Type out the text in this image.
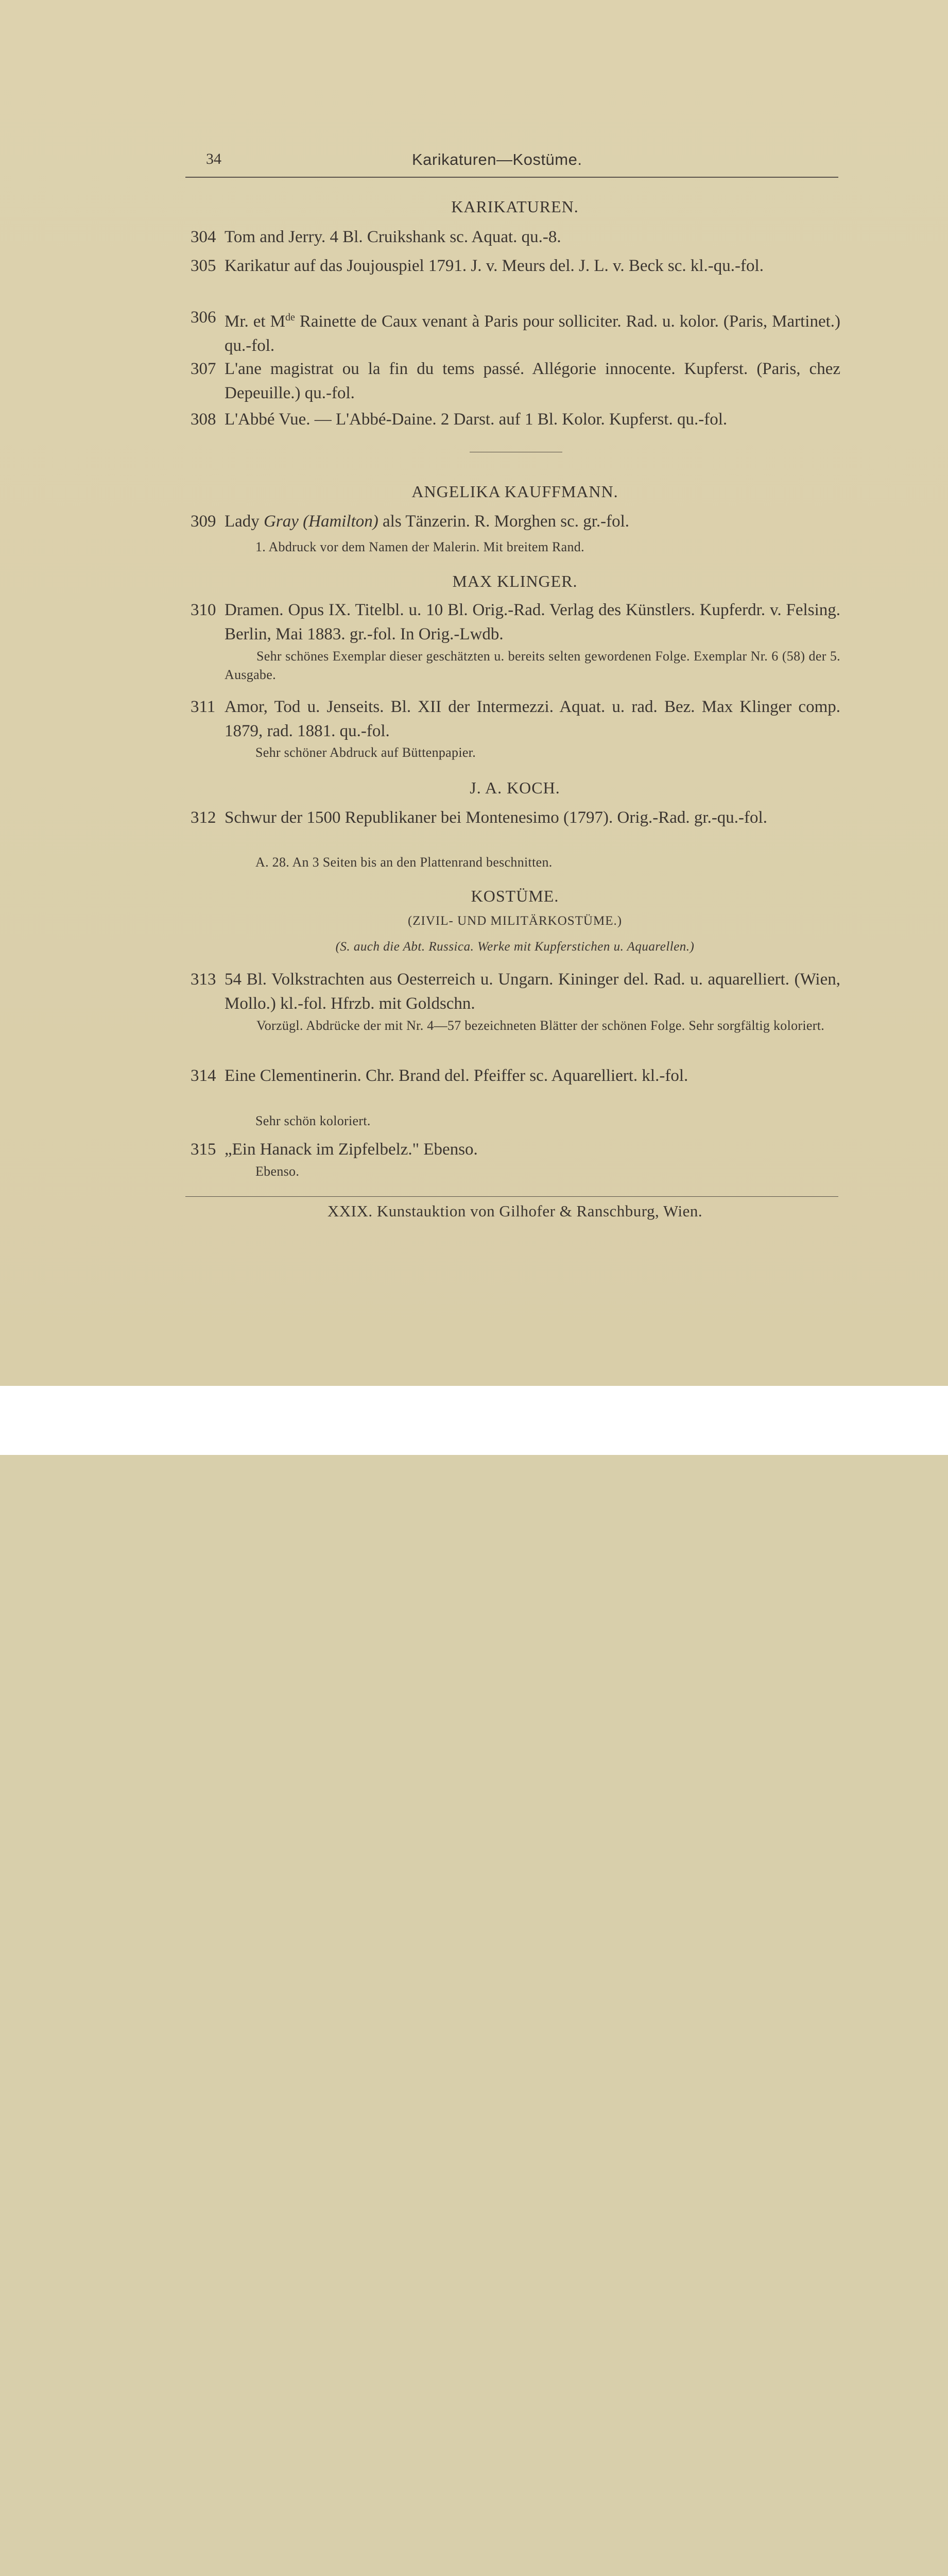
34	Karikaturen—Kostüme.
KARIKATUREN.
304 Tom and Jerry. 4 Bl. Cruikshank sc. Aquat. qu.-8.
305 Karikatur auf das Joujouspiel 1791. J. v. Meurs del. J. L. v. Beck sc. kl.-qu.-fol.
306 Mr. et Mde Rainette de Caux venant à Paris pour solliciter. Rad. u. kolor. (Paris, Martinet.) qu.-fol.
307 L'ane magistrat ou la fin du tems passé. Allégorie innocente. Kupferst. (Paris, chez Depeuille.) qu.-fol.
308 L'Abbé Vue. — L'Abbé-Daine. 2 Darst. auf 1 Bl. Kolor. Kupferst. qu.-fol.
ANGELIKA KAUFFMANN.
309 Lady Gray (Hamilton) als Tänzerin. R. Morghen sc. gr.-fol.
1. Abdruck vor dem Namen der Malerin. Mit breitem Rand.
MAX KLINGER.
310 Dramen. Opus IX. Titelbl. u. 10 Bl. Orig.-Rad. Verlag des Künstlers. Kupferdr. v. Felsing. Berlin, Mai 1883. gr.-fol. In Orig.-Lwdb.
Sehr schönes Exemplar dieser geschätzten u. bereits selten gewordenen Folge. Exemplar Nr. 6 (58) der 5. Ausgabe.
311 Amor, Tod u. Jenseits. Bl. XII der Intermezzi. Aquat. u. rad. Bez. Max Klinger comp. 1879, rad. 1881. qu.-fol.
Sehr schöner Abdruck auf Büttenpapier.
J. A. KOCH.
312 Schwur der 1500 Republikaner bei Montenesimo (1797). Orig.-Rad. gr.-qu.-fol.
A. 28. An 3 Seiten bis an den Plattenrand beschnitten.
KOSTÜME.
(ZIVIL- UND MILITÄRKOSTÜME.)
(S. auch die Abt. Russica. Werke mit Kupferstichen u. Aquarellen.)
313 54 Bl. Volkstrachten aus Oesterreich u. Ungarn. Kininger del. Rad. u. aquarelliert. (Wien, Mollo.) kl.-fol. Hfrzb. mit Goldschn.
Vorzügl. Abdrücke der mit Nr. 4—57 bezeichneten Blätter der schönen Folge. Sehr sorgfältig koloriert.
314 Eine Clementinerin. Chr. Brand del. Pfeiffer sc. Aquarelliert. kl.-fol.
Sehr schön koloriert.
315 „Ein Hanack im Zipfelbelz." Ebenso.
Ebenso.
XXIX. Kunstauktion von Gilhofer & Ranschburg, Wien.
